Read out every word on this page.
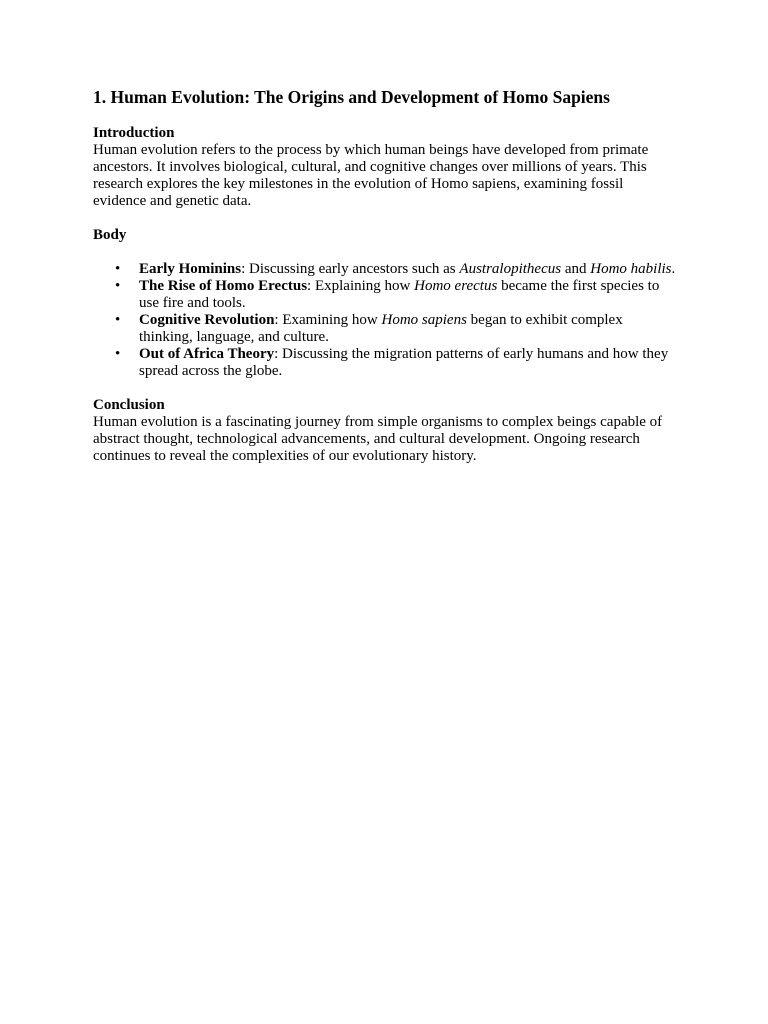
1. Human Evolution: The Origins and Development of Homo Sapiens
Introduction

Human evolution refers to the process by which human beings have developed from primate ancestors. It involves biological, cultural, and cognitive changes over millions of years. This research explores the key milestones in the evolution of Homo sapiens, examining fossil evidence and genetic data.

Body
• Early Hominins: Discussing early ancestors such as Australopithecus and Homo habilis.
• The Rise of Homo Erectus: Explaining how Homo erectus became the first species to use fire and tools.
• Cognitive Revolution: Examining how Homo sapiens began to exhibit complex thinking, language, and culture.
• Out of Africa Theory: Discussing the migration patterns of early humans and how they spread across the globe.
Conclusion

Human evolution is a fascinating journey from simple organisms to complex beings capable of abstract thought, technological advancements, and cultural development. Ongoing research continues to reveal the complexities of our evolutionary history.
